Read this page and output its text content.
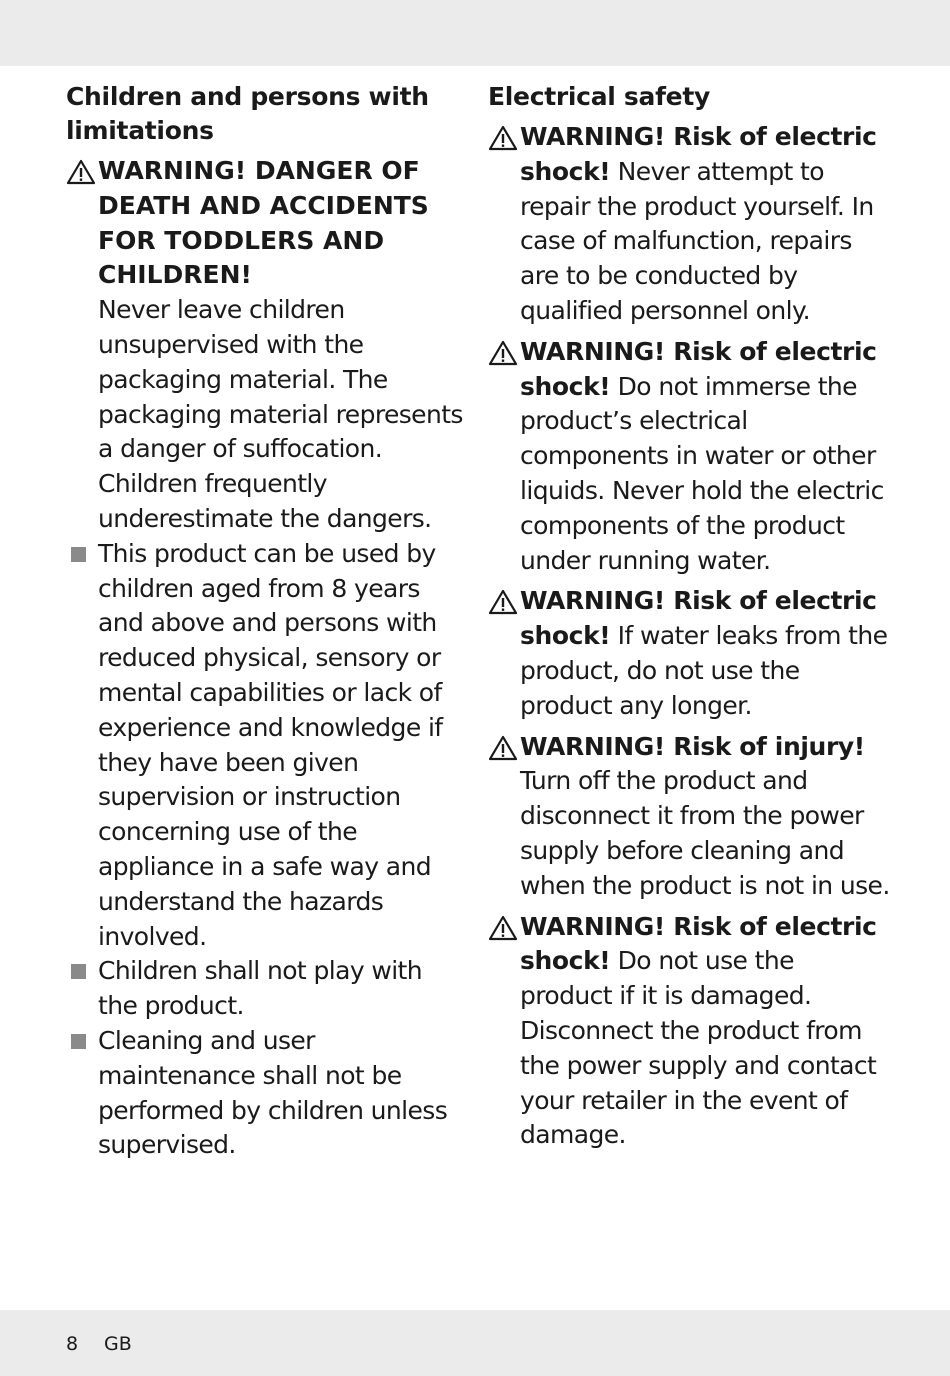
Children and persons with limitations
WARNING! DANGER OF DEATH AND ACCIDENTS FOR TODDLERS AND CHILDREN!
Never leave children unsupervised with the packaging material. The packaging material represents a danger of suffocation. Children frequently underestimate the dangers.
This product can be used by children aged from 8 years and above and persons with reduced physical, sensory or mental capabilities or lack of experience and knowledge if they have been given supervision or instruction concerning use of the appliance in a safe way and understand the hazards involved.
Children shall not play with the product.
Cleaning and user maintenance shall not be performed by children unless supervised.
Electrical safety
WARNING! Risk of electric shock! Never attempt to repair the product yourself. In case of malfunction, repairs are to be conducted by qualified personnel only.
WARNING! Risk of electric shock! Do not immerse the product’s electrical components in water or other liquids. Never hold the electric components of the product under running water.
WARNING! Risk of electric shock! If water leaks from the product, do not use the product any longer.
WARNING! Risk of injury! Turn off the product and disconnect it from the power supply before cleaning and when the product is not in use.
WARNING! Risk of electric shock! Do not use the product if it is damaged. Disconnect the product from the power supply and contact your retailer in the event of damage.
8 GB
